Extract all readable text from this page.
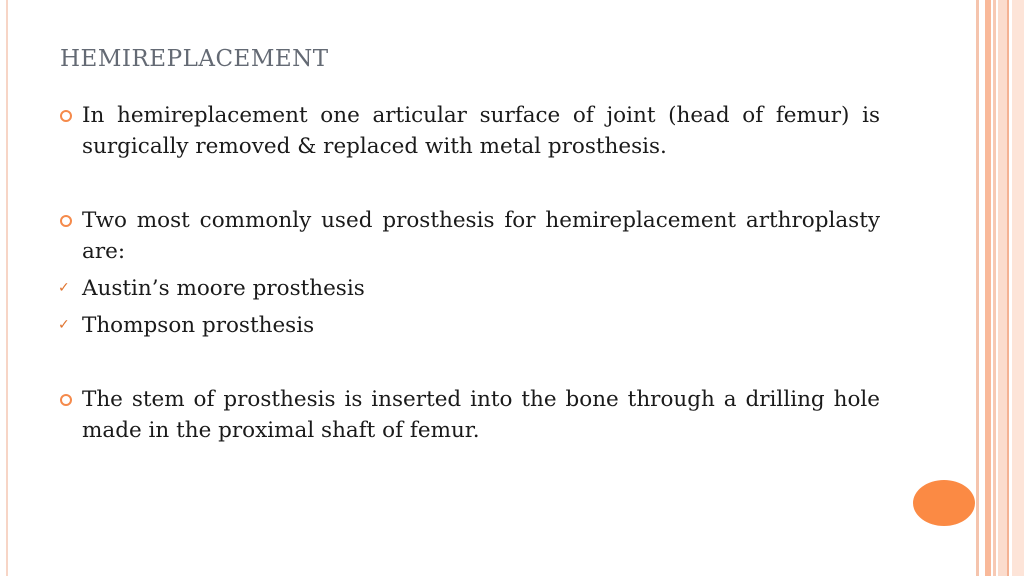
HEMIREPLACEMENT
In hemireplacement one articular surface of joint (head of femur) is surgically removed & replaced with metal prosthesis.
Two most commonly used prosthesis for hemireplacement arthroplasty are:
✓ Austin’s moore prosthesis
✓ Thompson prosthesis
The stem of prosthesis is inserted into the bone through a drilling hole made in the proximal shaft of femur.
